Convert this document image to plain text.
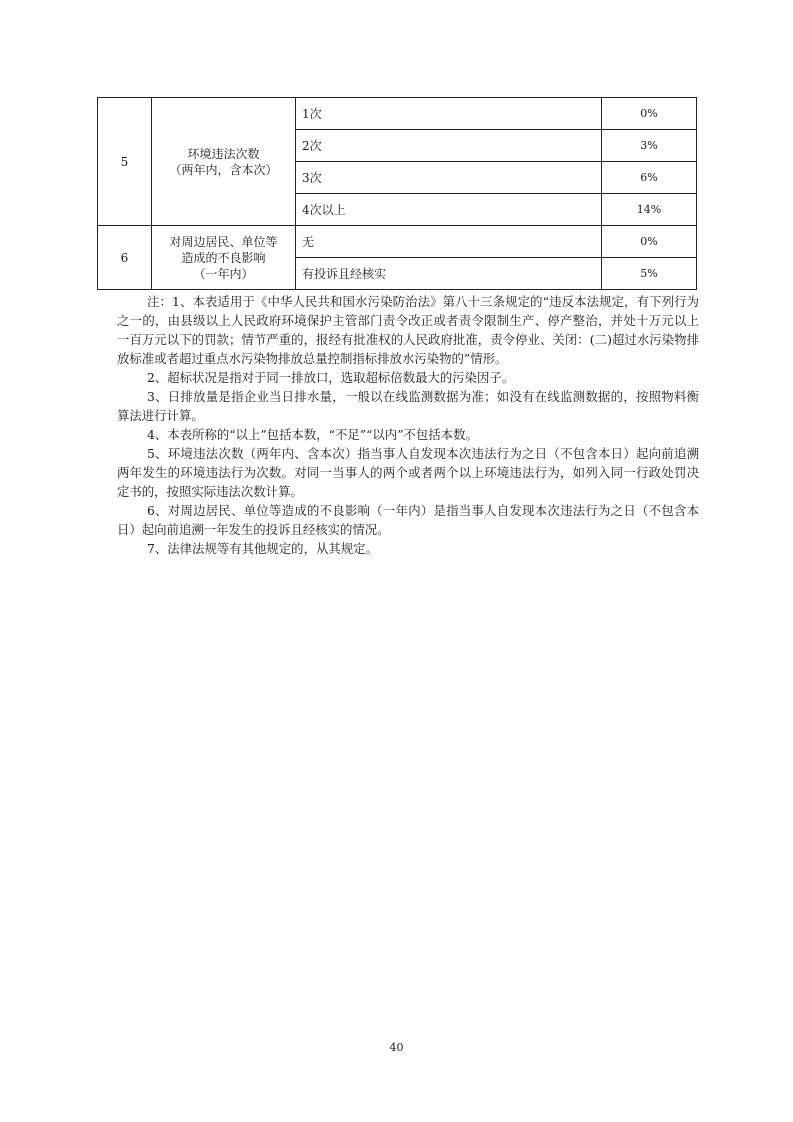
5	环境违法次数
（两年内，含本次）	1次	0%
		2次	3%
		3次	6%
		4次以上	14%
6	对周边居民、单位等
造成的不良影响
（一年内）	无	0%
		有投诉且经核实	5%

注：1、本表适用于《中华人民共和国水污染防治法》第八十三条规定的“违反本法规定，有下列行为之一的，由县级以上人民政府环境保护主管部门责令改正或者责令限制生产、停产整治，并处十万元以上一百万元以下的罚款；情节严重的，报经有批准权的人民政府批准，责令停业、关闭：(二)超过水污染物排放标准或者超过重点水污染物排放总量控制指标排放水污染物的”情形。

2、超标状况是指对于同一排放口，选取超标倍数最大的污染因子。

3、日排放量是指企业当日排水量，一般以在线监测数据为准；如没有在线监测数据的，按照物料衡算法进行计算。

4、本表所称的“以上”包括本数，“不足”“以内”不包括本数。

5、环境违法次数（两年内、含本次）指当事人自发现本次违法行为之日（不包含本日）起向前追溯两年发生的环境违法行为次数。对同一当事人的两个或者两个以上环境违法行为，如列入同一行政处罚决定书的，按照实际违法次数计算。

6、对周边居民、单位等造成的不良影响（一年内）是指当事人自发现本次违法行为之日（不包含本日）起向前追溯一年发生的投诉且经核实的情况。

7、法律法规等有其他规定的，从其规定。

40
